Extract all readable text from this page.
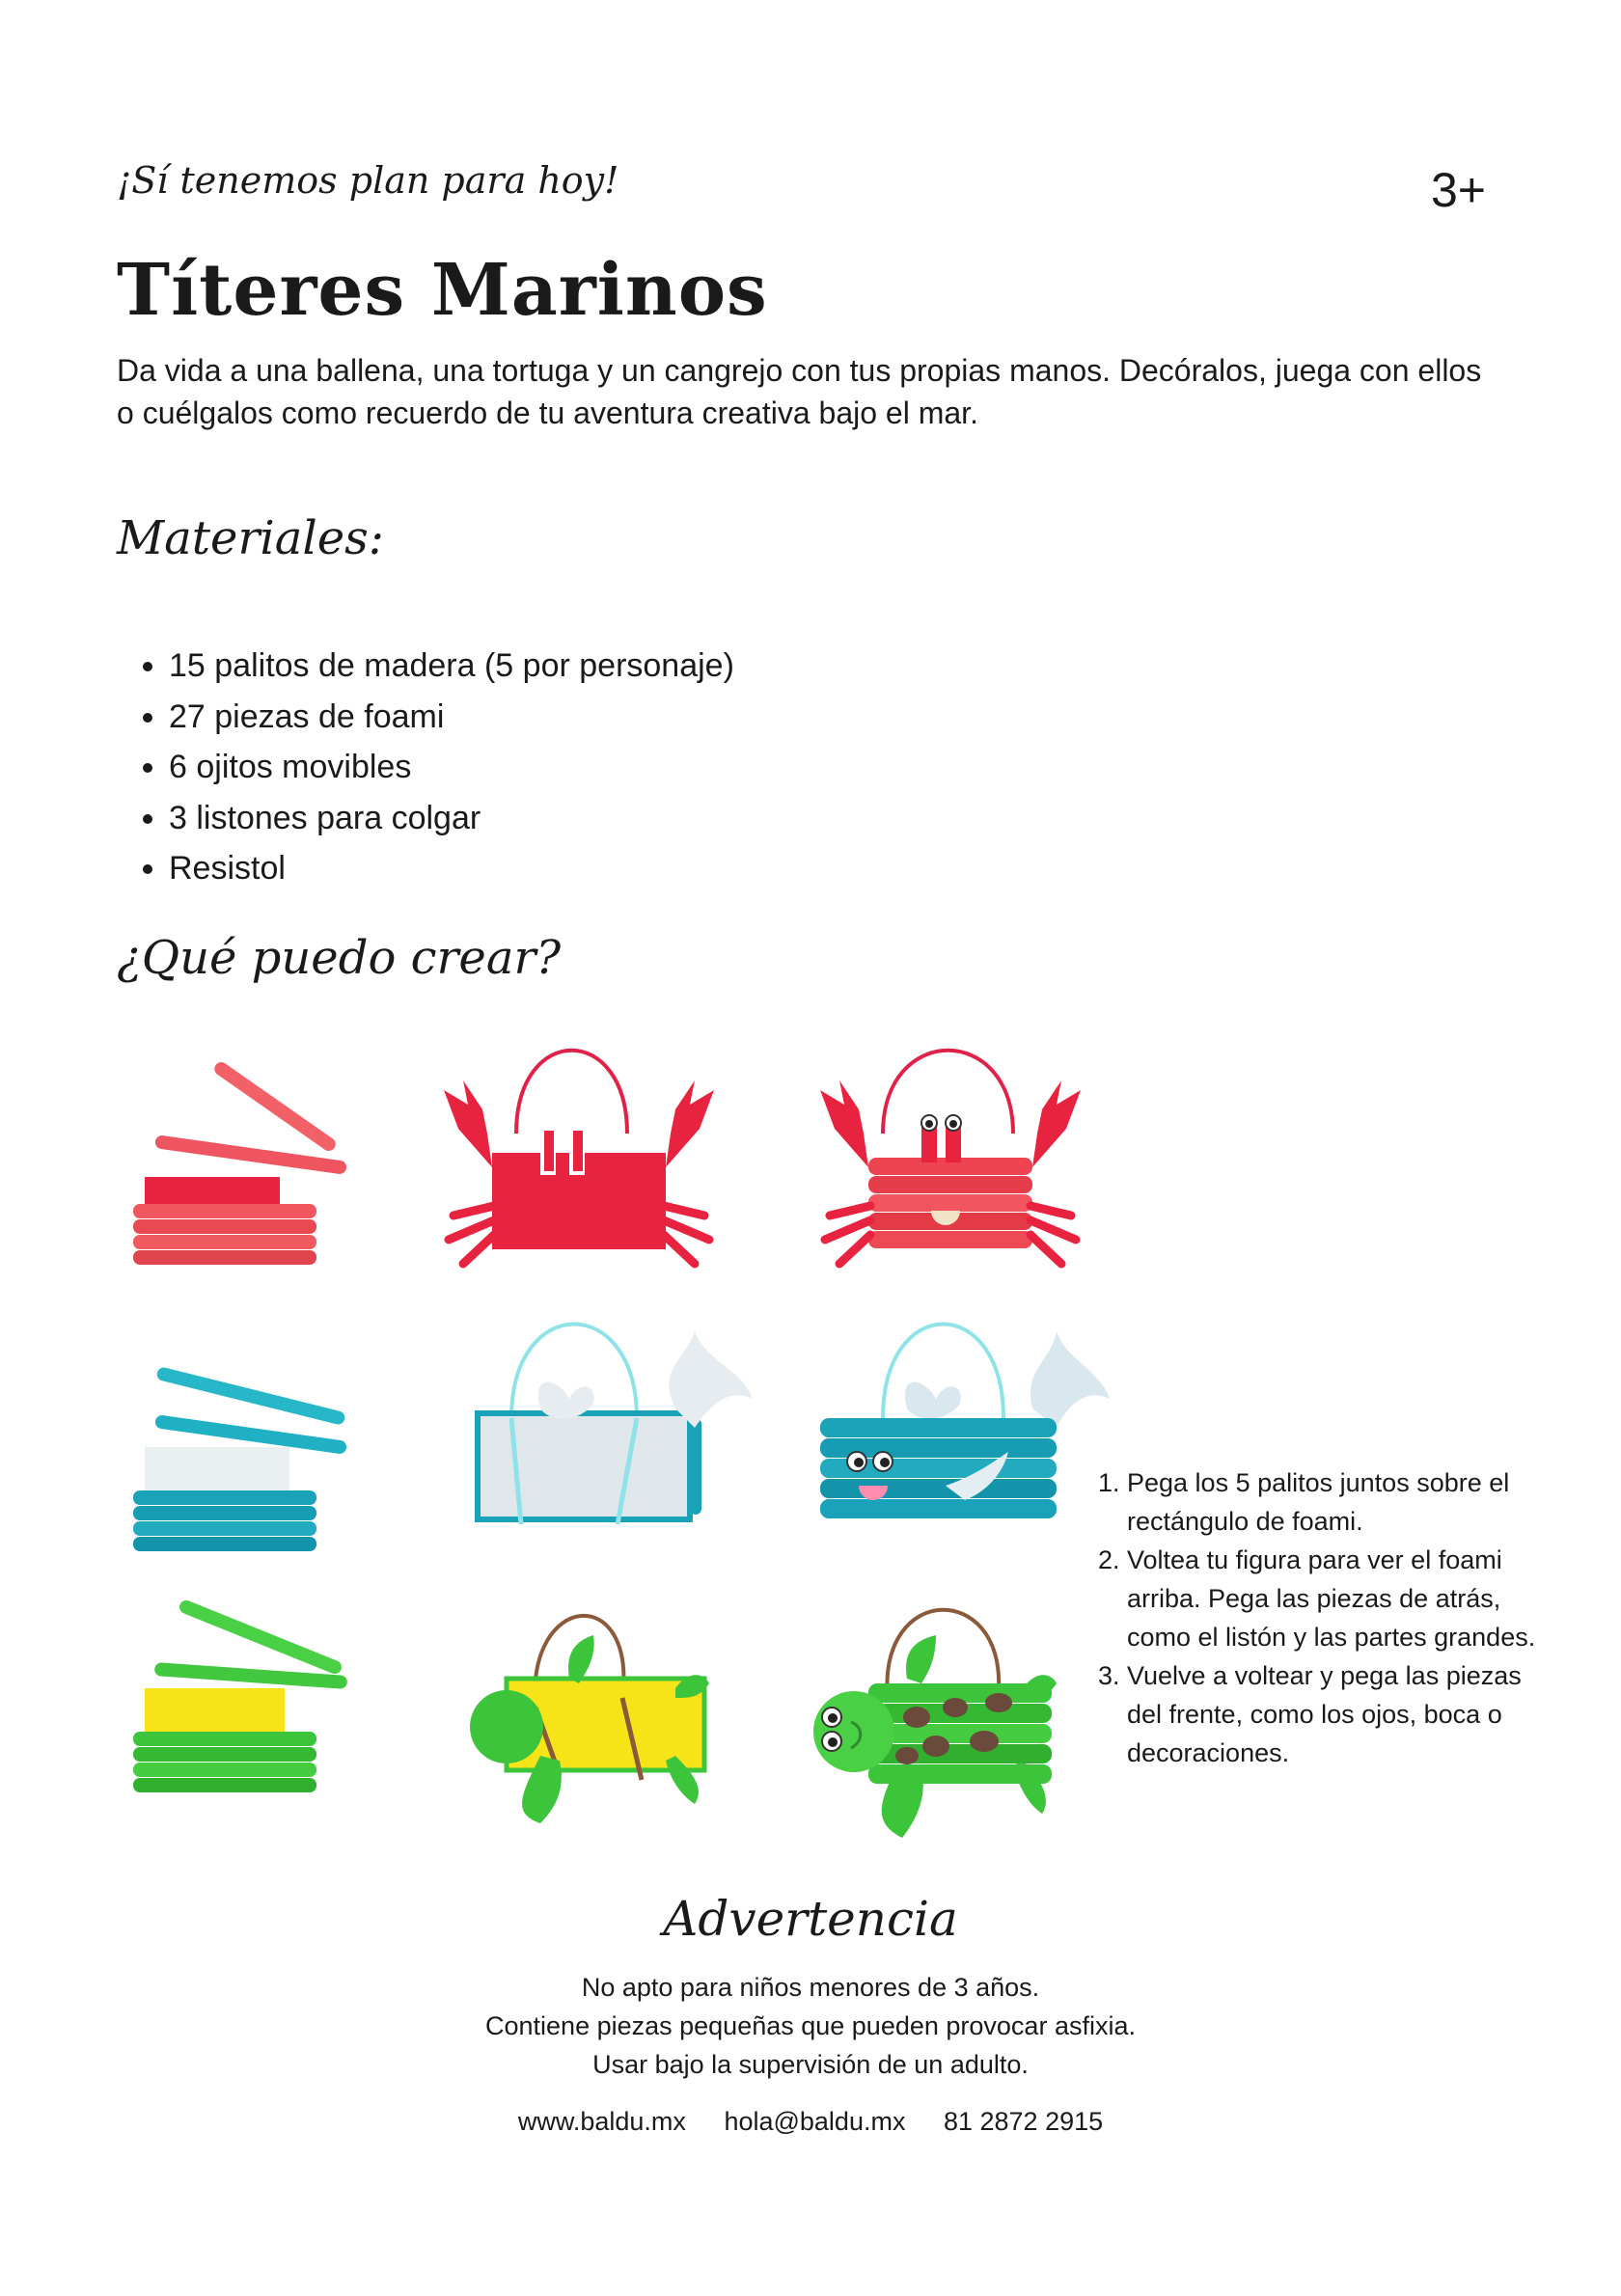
¡Sí tenemos plan para hoy!	3+
Títeres Marinos
Da vida a una ballena, una tortuga y un cangrejo con tus propias manos. Decóralos, juega con ellos o cuélgalos como recuerdo de tu aventura creativa bajo el mar.
Materiales:
• 15 palitos de madera (5 por personaje)
• 27 piezas de foami
• 6 ojitos movibles
• 3 listones para colgar
• Resistol
¿Qué puedo crear?
1. Pega los 5 palitos juntos sobre el rectángulo de foami.
2. Voltea tu figura para ver el foami arriba. Pega las piezas de atrás, como el listón y las partes grandes.
3. Vuelve a voltear y pega las piezas del frente, como los ojos, boca o decoraciones.
Advertencia
No apto para niños menores de 3 años.
Contiene piezas pequeñas que pueden provocar asfixia.
Usar bajo la supervisión de un adulto.
www.baldu.mx hola@baldu.mx 81 2872 2915
